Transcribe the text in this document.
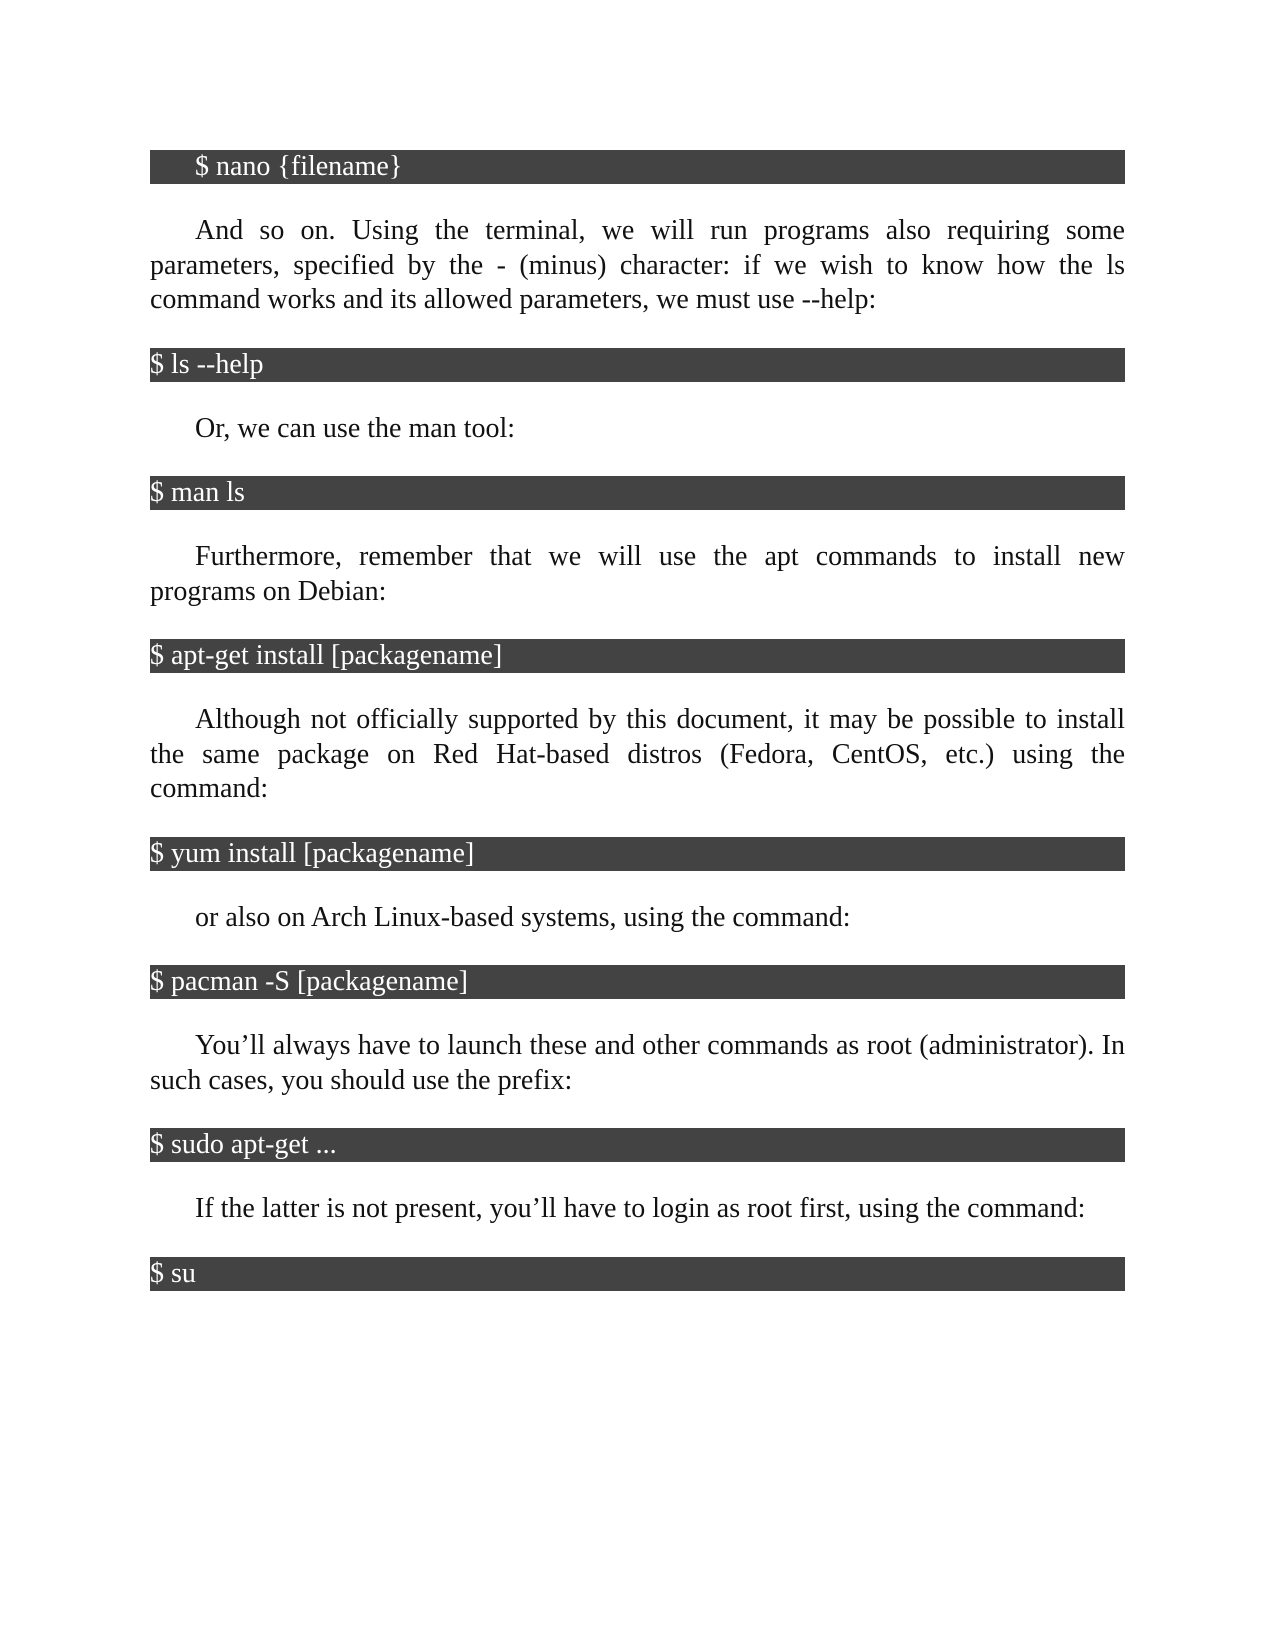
$ nano {filename}

And so on. Using the terminal, we will run programs also requiring some parameters, specified by the - (minus) character: if we wish to know how the ls command works and its allowed parameters, we must use --help:

$ ls --help

Or, we can use the man tool:

$ man ls

Furthermore, remember that we will use the apt commands to install new programs on Debian:

$ apt-get install [packagename]

Although not officially supported by this document, it may be possible to install the same package on Red Hat-based distros (Fedora, CentOS, etc.) using the command:

$ yum install [packagename]

or also on Arch Linux-based systems, using the command:

$ pacman -S [packagename]

You’ll always have to launch these and other commands as root (administrator). In such cases, you should use the prefix:

$ sudo apt-get ...

If the latter is not present, you’ll have to login as root first, using the command:

$ su
